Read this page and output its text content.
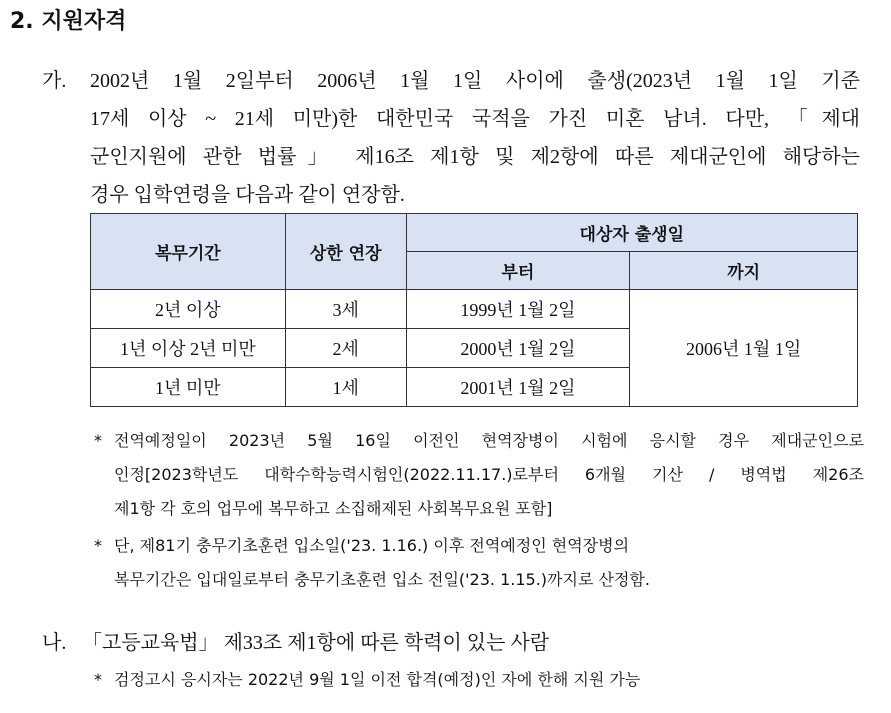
2. 지원자격
가. 2002년 1월 2일부터 2006년 1월 1일 사이에 출생(2023년 1월 1일 기준
17세 이상 ~ 21세 미만)한 대한민국 국적을 가진 미혼 남녀. 다만, 「제대
군인지원에 관한 법률」 제16조 제1항 및 제2항에 따른 제대군인에 해당하는
경우 입학연령을 다음과 같이 연장함.
복무기간	상한 연장	대상자 출생일	
		부터	까지
2년 이상	3세	1999년 1월 2일	2006년 1월 1일
1년 이상 2년 미만	2세	2000년 1월 2일	
1년 미만	1세	2001년 1월 2일	
* 전역예정일이 2023년 5월 16일 이전인 현역장병이 시험에 응시할 경우 제대군인으로
인정[2023학년도 대학수학능력시험인(2022.11.17.)로부터 6개월 기산 / 병역법 제26조
제1항 각 호의 업무에 복무하고 소집해제된 사회복무요원 포함]
* 단, 제81기 충무기초훈련 입소일('23. 1.16.) 이후 전역예정인 현역장병의
복무기간은 입대일로부터 충무기초훈련 입소 전일('23. 1.15.)까지로 산정함.
나. 「고등교육법」 제33조 제1항에 따른 학력이 있는 사람
* 검정고시 응시자는 2022년 9월 1일 이전 합격(예정)인 자에 한해 지원 가능
